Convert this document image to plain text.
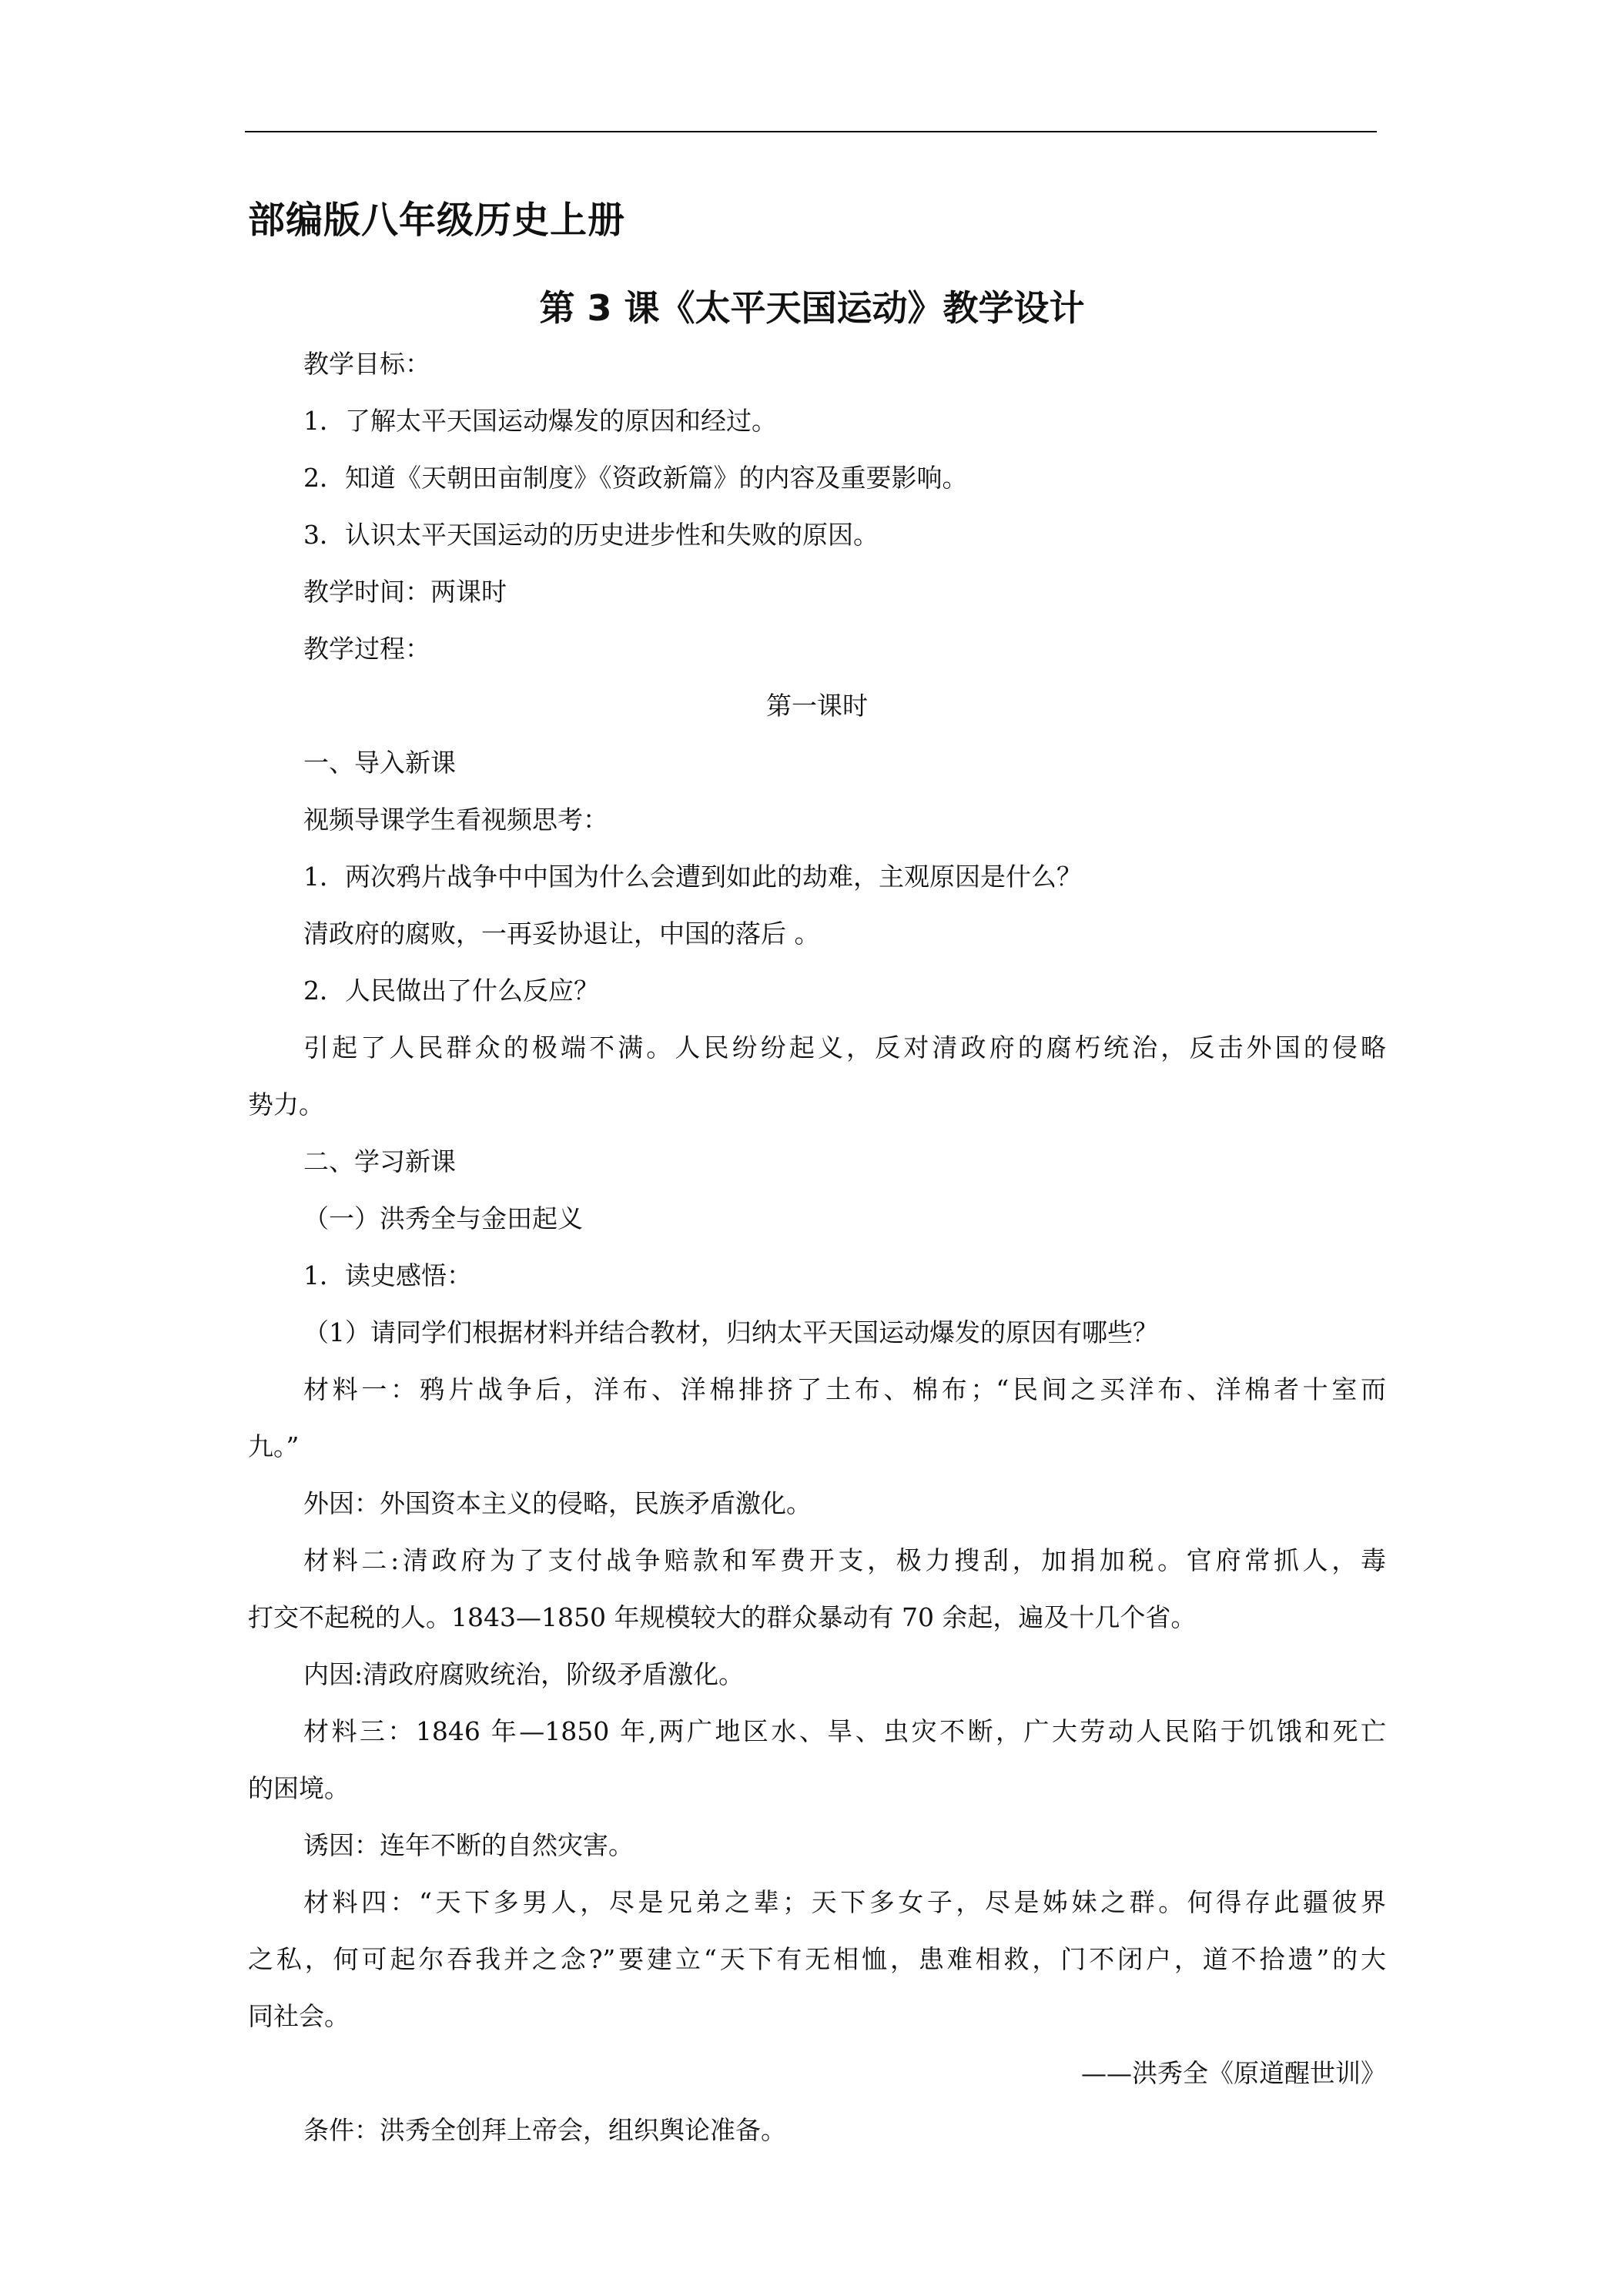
部编版八年级历史上册
第 3 课《太平天国运动》教学设计

教学目标：

1．了解太平天国运动爆发的原因和经过。

2．知道《天朝田亩制度》《资政新篇》的内容及重要影响。

3．认识太平天国运动的历史进步性和失败的原因。

教学时间：两课时

教学过程：

第一课时

一、导入新课

视频导课学生看视频思考：

1．两次鸦片战争中中国为什么会遭到如此的劫难，主观原因是什么？

清政府的腐败，一再妥协退让，中国的落后 。

2．人民做出了什么反应？

引起了人民群众的极端不满。人民纷纷起义，反对清政府的腐朽统治，反击外国的侵略

势力。

二、学习新课

（一）洪秀全与金田起义

1．读史感悟：

（1）请同学们根据材料并结合教材，归纳太平天国运动爆发的原因有哪些？

材料一：鸦片战争后，洋布、洋棉排挤了土布、棉布；“民间之买洋布、洋棉者十室而

九。”

外因：外国资本主义的侵略，民族矛盾激化。

材料二:清政府为了支付战争赔款和军费开支，极力搜刮，加捐加税。官府常抓人，毒

打交不起税的人。1843—1850 年规模较大的群众暴动有 70 余起，遍及十几个省。

内因:清政府腐败统治，阶级矛盾激化。

材料三：1846 年—1850 年,两广地区水、旱、虫灾不断，广大劳动人民陷于饥饿和死亡

的困境。

诱因：连年不断的自然灾害。

材料四：“天下多男人，尽是兄弟之辈；天下多女子，尽是姊妹之群。何得存此疆彼界

之私，何可起尔吞我并之念?”要建立“天下有无相恤，患难相救，门不闭户，道不拾遗”的大

同社会。

——洪秀全《原道醒世训》

条件：洪秀全创拜上帝会，组织舆论准备。
